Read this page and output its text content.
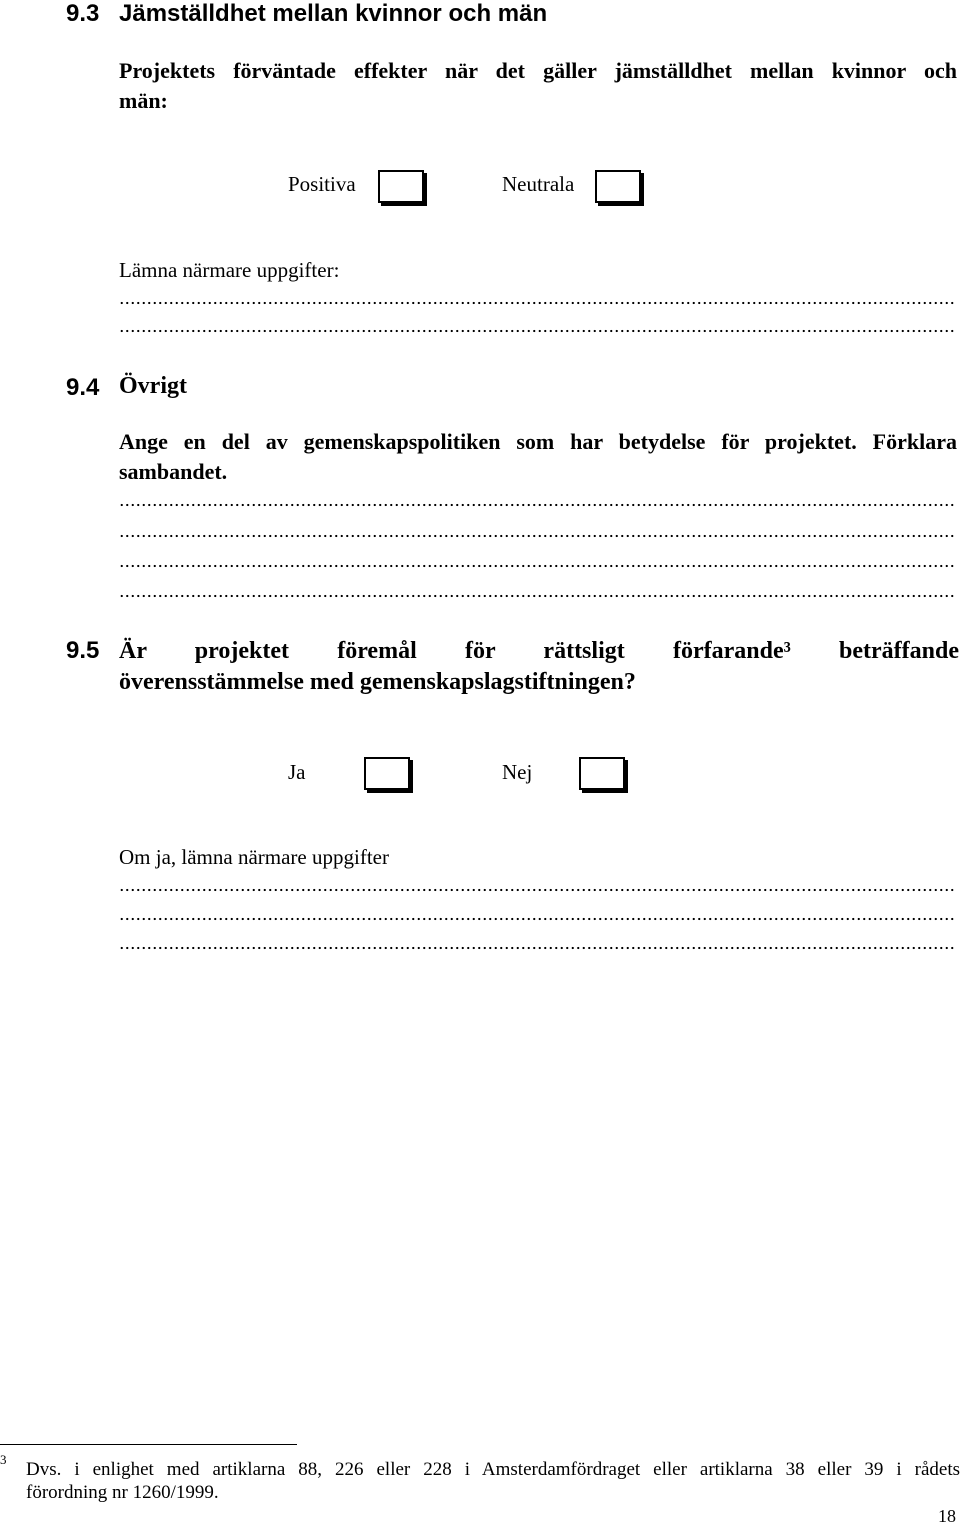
9.3 Jämställdhet mellan kvinnor och män
Projektets förväntade effekter när det gäller jämställdhet mellan kvinnor och
män:
Positiva	Neutrala
Lämna närmare uppgifter:
9.4 Övrigt
Ange en del av gemenskapspolitiken som har betydelse för projektet. Förklara
sambandet.
9.5 Är projektet föremål för rättsligt förfarande³ beträffande
överensstämmelse med gemenskapslagstiftningen?
Ja	Nej
Om ja, lämna närmare uppgifter
3 Dvs. i enlighet med artiklarna 88, 226 eller 228 i Amsterdamfördraget eller artiklarna 38 eller 39 i rådets
förordning nr 1260/1999.
18
